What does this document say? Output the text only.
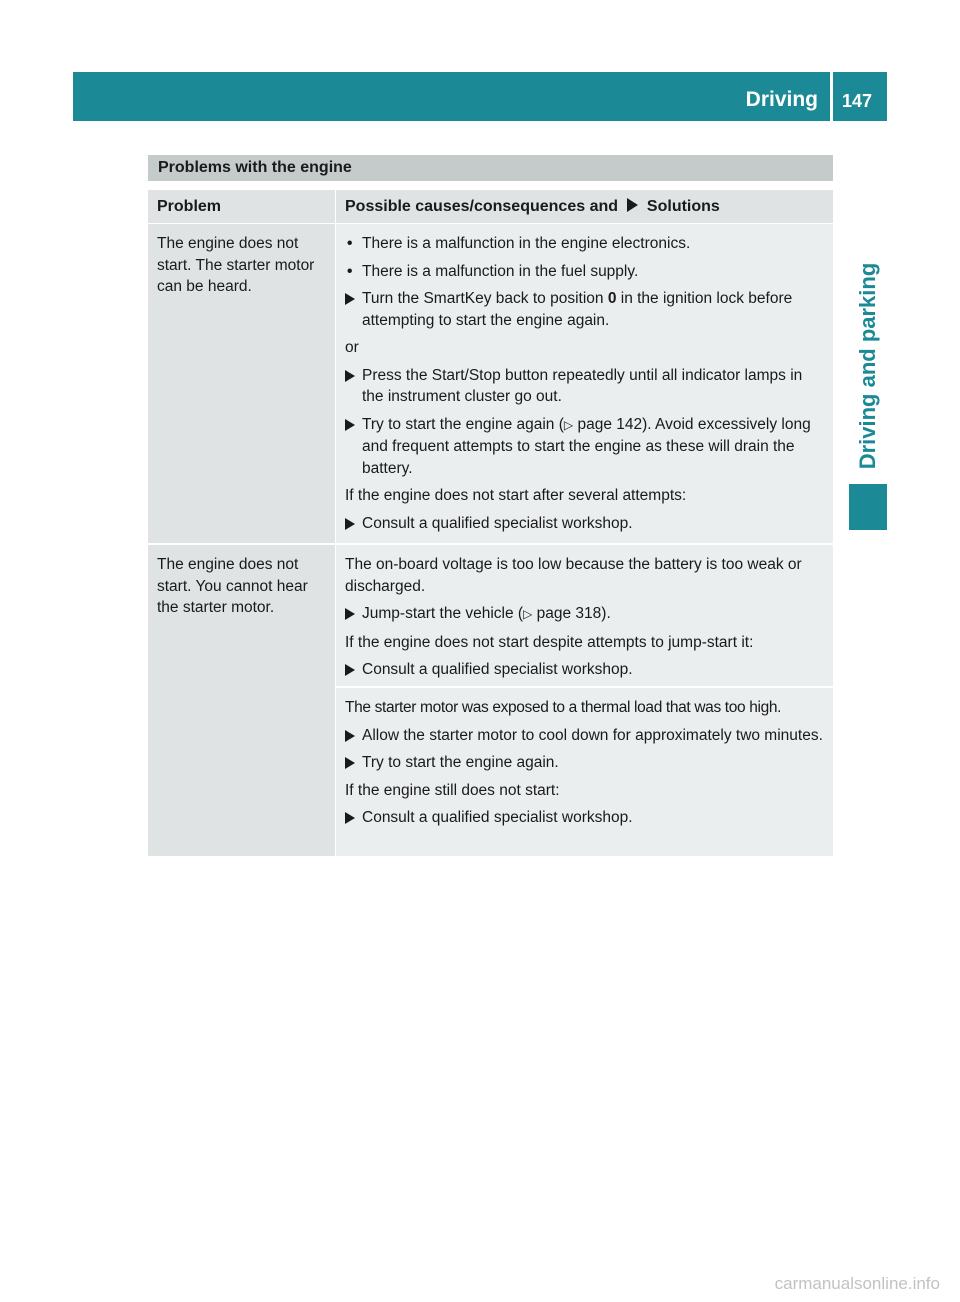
Driving 147
Driving and parking
Problems with the engine
Problem	Possible causes/consequences and Solutions

The engine does not start. The starter motor can be heard.

• There is a malfunction in the engine electronics.
• There is a malfunction in the fuel supply.
Turn the SmartKey back to position 0 in the ignition lock before attempting to start the engine again.

or

Press the Start/Stop button repeatedly until all indicator lamps in the instrument cluster go out.
Try to start the engine again (▷ page 142). Avoid excessively long and frequent attempts to start the engine as these will drain the battery.

If the engine does not start after several attempts:

Consult a qualified specialist workshop.

The engine does not start. You cannot hear the starter motor.

The on-board voltage is too low because the battery is too weak or discharged.

Jump-start the vehicle (▷ page 318).

If the engine does not start despite attempts to jump-start it:

Consult a qualified specialist workshop.

The starter motor was exposed to a thermal load that was too high.

Allow the starter motor to cool down for approximately two minutes.
Try to start the engine again.

If the engine still does not start:

Consult a qualified specialist workshop.
carmanualsonline.info
